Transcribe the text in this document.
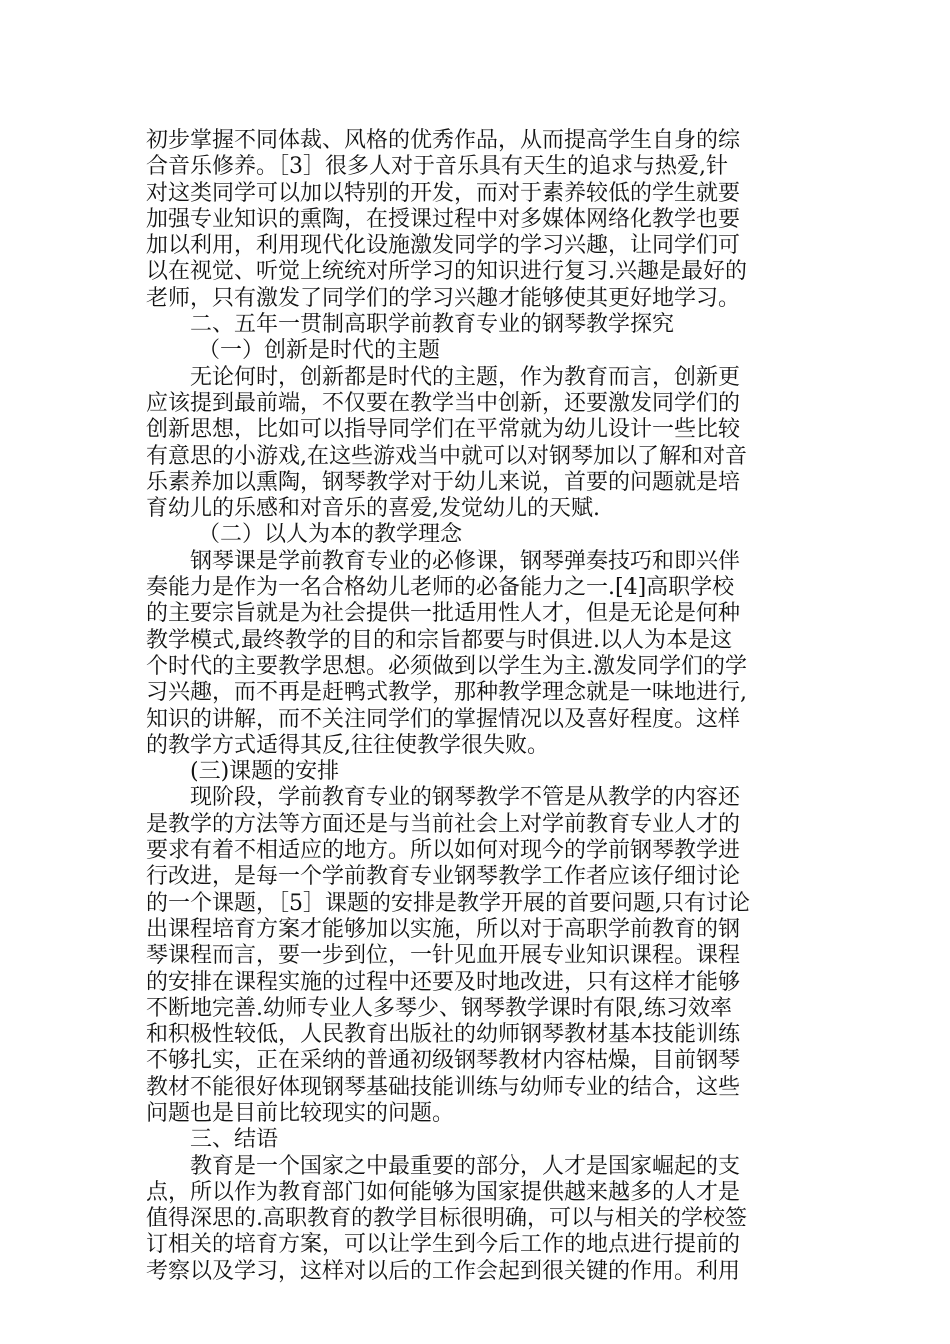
初步掌握不同体裁、风格的优秀作品，从而提高学生自身的综
合音乐修养。［3］很多人对于音乐具有天生的追求与热爱,针
对这类同学可以加以特别的开发，而对于素养较低的学生就要
加强专业知识的熏陶，在授课过程中对多媒体网络化教学也要
加以利用，利用现代化设施激发同学的学习兴趣，让同学们可
以在视觉、听觉上统统对所学习的知识进行复习.兴趣是最好的
老师，只有激发了同学们的学习兴趣才能够使其更好地学习。
二、五年一贯制高职学前教育专业的钢琴教学探究
（一）创新是时代的主题
无论何时，创新都是时代的主题，作为教育而言，创新更
应该提到最前端，不仅要在教学当中创新，还要激发同学们的
创新思想，比如可以指导同学们在平常就为幼儿设计一些比较
有意思的小游戏,在这些游戏当中就可以对钢琴加以了解和对音
乐素养加以熏陶，钢琴教学对于幼儿来说，首要的问题就是培
育幼儿的乐感和对音乐的喜爱,发觉幼儿的天赋.
（二）以人为本的教学理念
钢琴课是学前教育专业的必修课，钢琴弹奏技巧和即兴伴
奏能力是作为一名合格幼儿老师的必备能力之一.[4]高职学校
的主要宗旨就是为社会提供一批适用性人才，但是无论是何种
教学模式,最终教学的目的和宗旨都要与时俱进.以人为本是这
个时代的主要教学思想。必须做到以学生为主.激发同学们的学
习兴趣，而不再是赶鸭式教学，那种教学理念就是一味地进行,
知识的讲解，而不关注同学们的掌握情况以及喜好程度。这样
的教学方式适得其反,往往使教学很失败。
(三)课题的安排
现阶段，学前教育专业的钢琴教学不管是从教学的内容还
是教学的方法等方面还是与当前社会上对学前教育专业人才的
要求有着不相适应的地方。所以如何对现今的学前钢琴教学进
行改进，是每一个学前教育专业钢琴教学工作者应该仔细讨论
的一个课题，［5］课题的安排是教学开展的首要问题,只有讨论
出课程培育方案才能够加以实施，所以对于高职学前教育的钢
琴课程而言，要一步到位，一针见血开展专业知识课程。课程
的安排在课程实施的过程中还要及时地改进，只有这样才能够
不断地完善.幼师专业人多琴少、钢琴教学课时有限,练习效率
和积极性较低，人民教育出版社的幼师钢琴教材基本技能训练
不够扎实，正在采纳的普通初级钢琴教材内容枯燥，目前钢琴
教材不能很好体现钢琴基础技能训练与幼师专业的结合，这些
问题也是目前比较现实的问题。
三、结语
教育是一个国家之中最重要的部分，人才是国家崛起的支
点，所以作为教育部门如何能够为国家提供越来越多的人才是
值得深思的.高职教育的教学目标很明确，可以与相关的学校签
订相关的培育方案，可以让学生到今后工作的地点进行提前的
考察以及学习，这样对以后的工作会起到很关键的作用。利用
